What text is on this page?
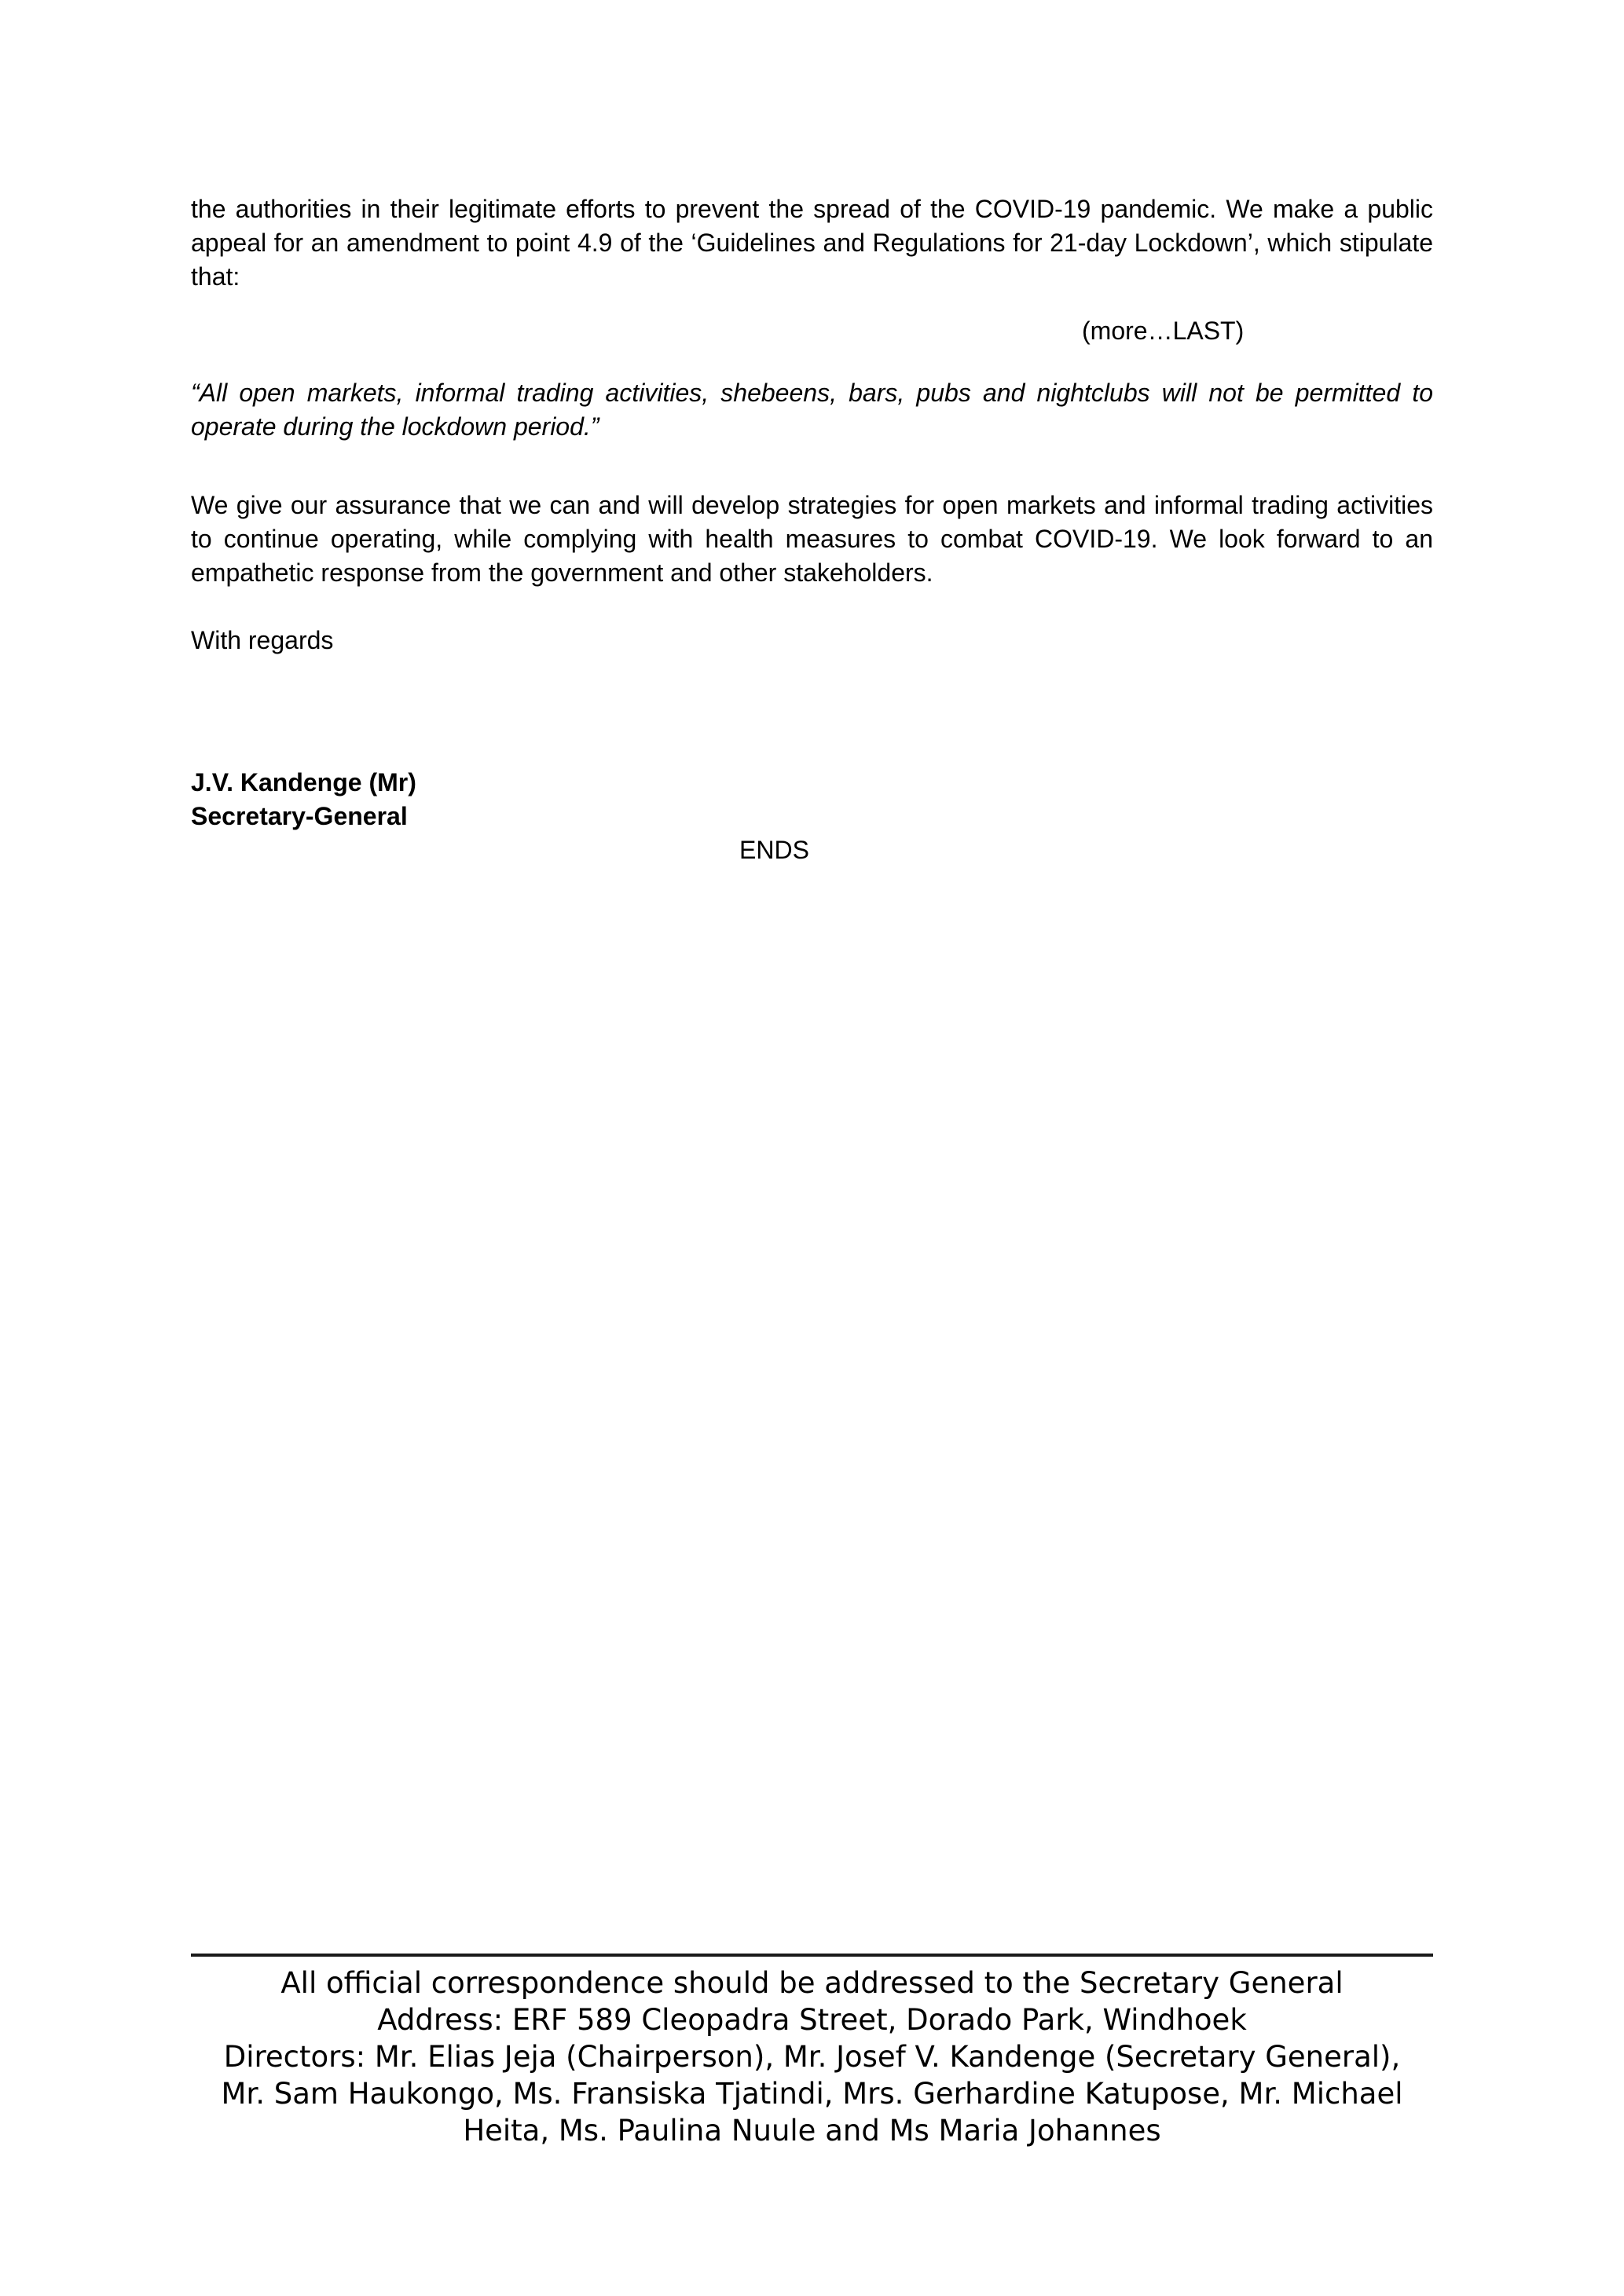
the authorities in their legitimate efforts to prevent the spread of the COVID-19 pandemic. We make a public appeal for an amendment to point 4.9 of the ‘Guidelines and Regulations for 21-day Lockdown’, which stipulate that:

(more…LAST)

“All open markets, informal trading activities, shebeens, bars, pubs and nightclubs will not be permitted to operate during the lockdown period.”

We give our assurance that we can and will develop strategies for open markets and informal trading activities to continue operating, while complying with health measures to combat COVID-19. We look forward to an empathetic response from the government and other stakeholders.

With regards
J.V. Kandenge (Mr)
Secretary-General
ENDS
All official correspondence should be addressed to the Secretary General
Address: ERF 589 Cleopadra Street, Dorado Park, Windhoek
Directors: Mr. Elias Jeja (Chairperson), Mr. Josef V. Kandenge (Secretary General),
Mr. Sam Haukongo, Ms. Fransiska Tjatindi, Mrs. Gerhardine Katupose, Mr. Michael
Heita, Ms. Paulina Nuule and Ms Maria Johannes
